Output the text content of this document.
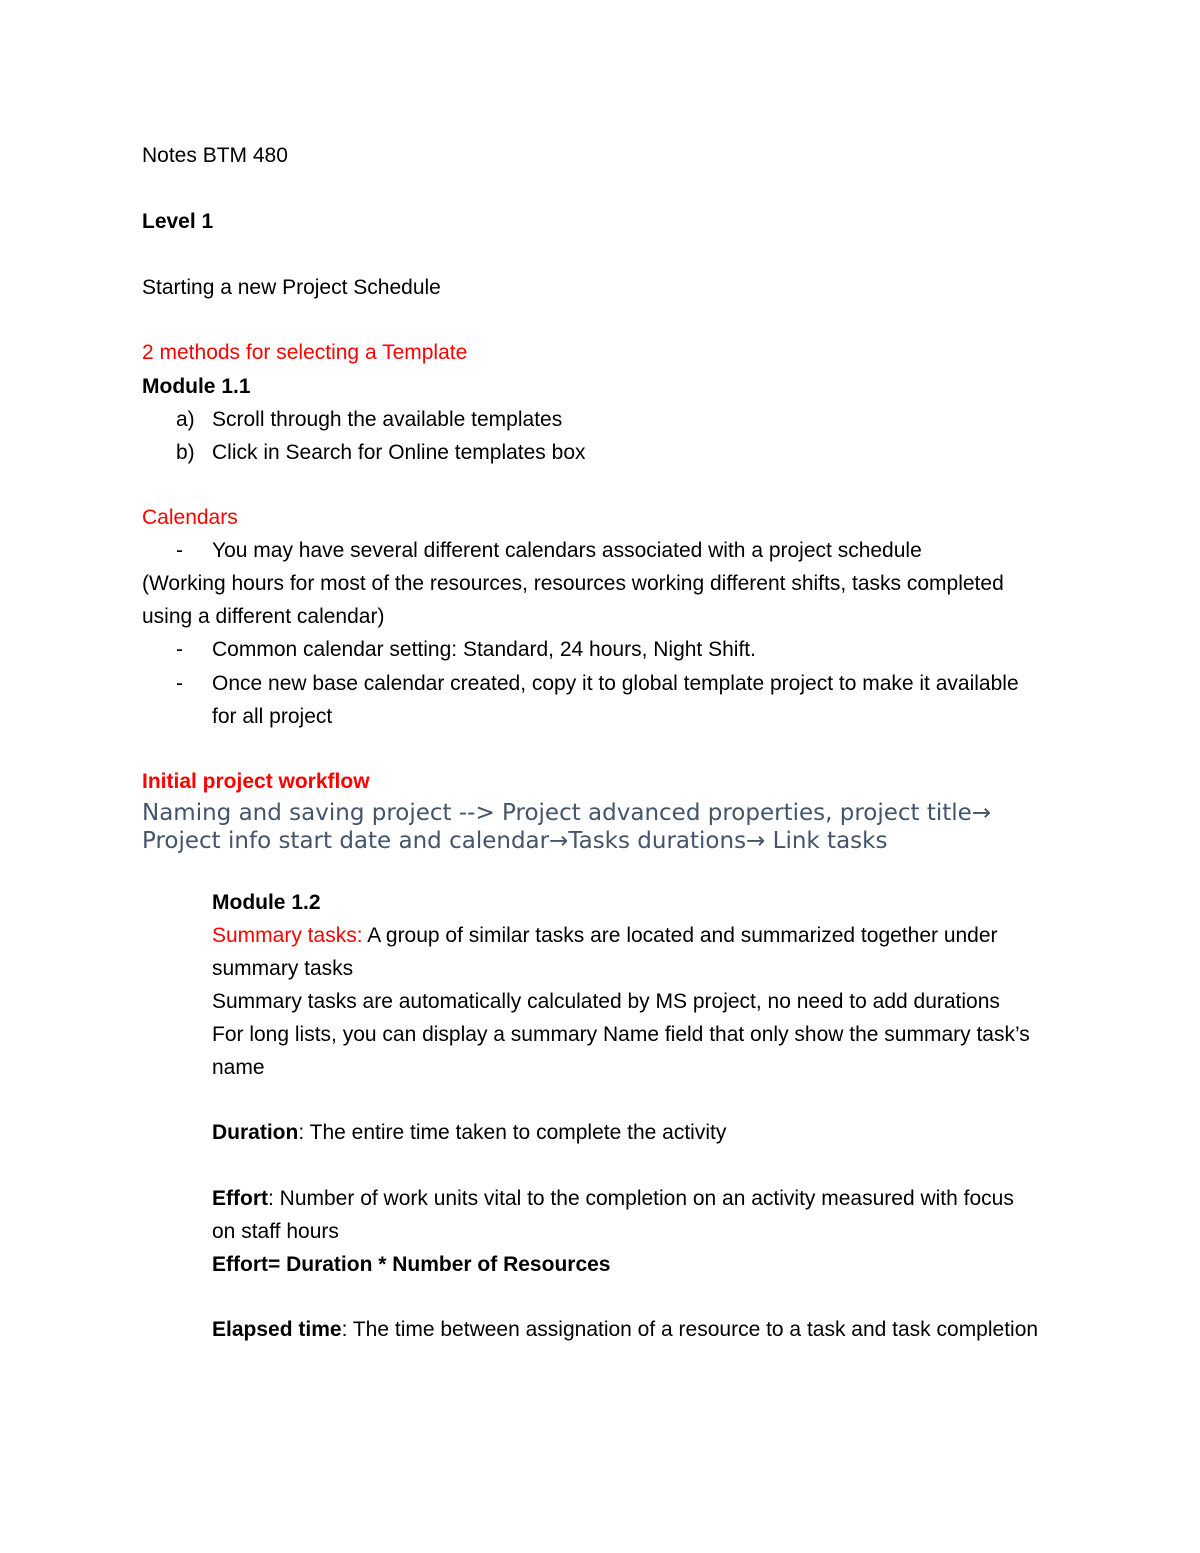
Notes BTM 480
Level 1
Starting a new Project Schedule
2 methods for selecting a Template
Module 1.1
a) Scroll through the available templates
b) Click in Search for Online templates box
Calendars
- You may have several different calendars associated with a project schedule
(Working hours for most of the resources, resources working different shifts, tasks completed
using a different calendar)
- Common calendar setting: Standard, 24 hours, Night Shift.
- Once new base calendar created, copy it to global template project to make it available
for all project
Initial project workflow
Naming and saving project --> Project advanced properties, project title→
Project info start date and calendar→Tasks durations→ Link tasks
Module 1.2
Summary tasks: A group of similar tasks are located and summarized together under
summary tasks
Summary tasks are automatically calculated by MS project, no need to add durations
For long lists, you can display a summary Name field that only show the summary task’s
name
Duration: The entire time taken to complete the activity
Effort: Number of work units vital to the completion on an activity measured with focus
on staff hours
Effort= Duration * Number of Resources
Elapsed time: The time between assignation of a resource to a task and task completion
